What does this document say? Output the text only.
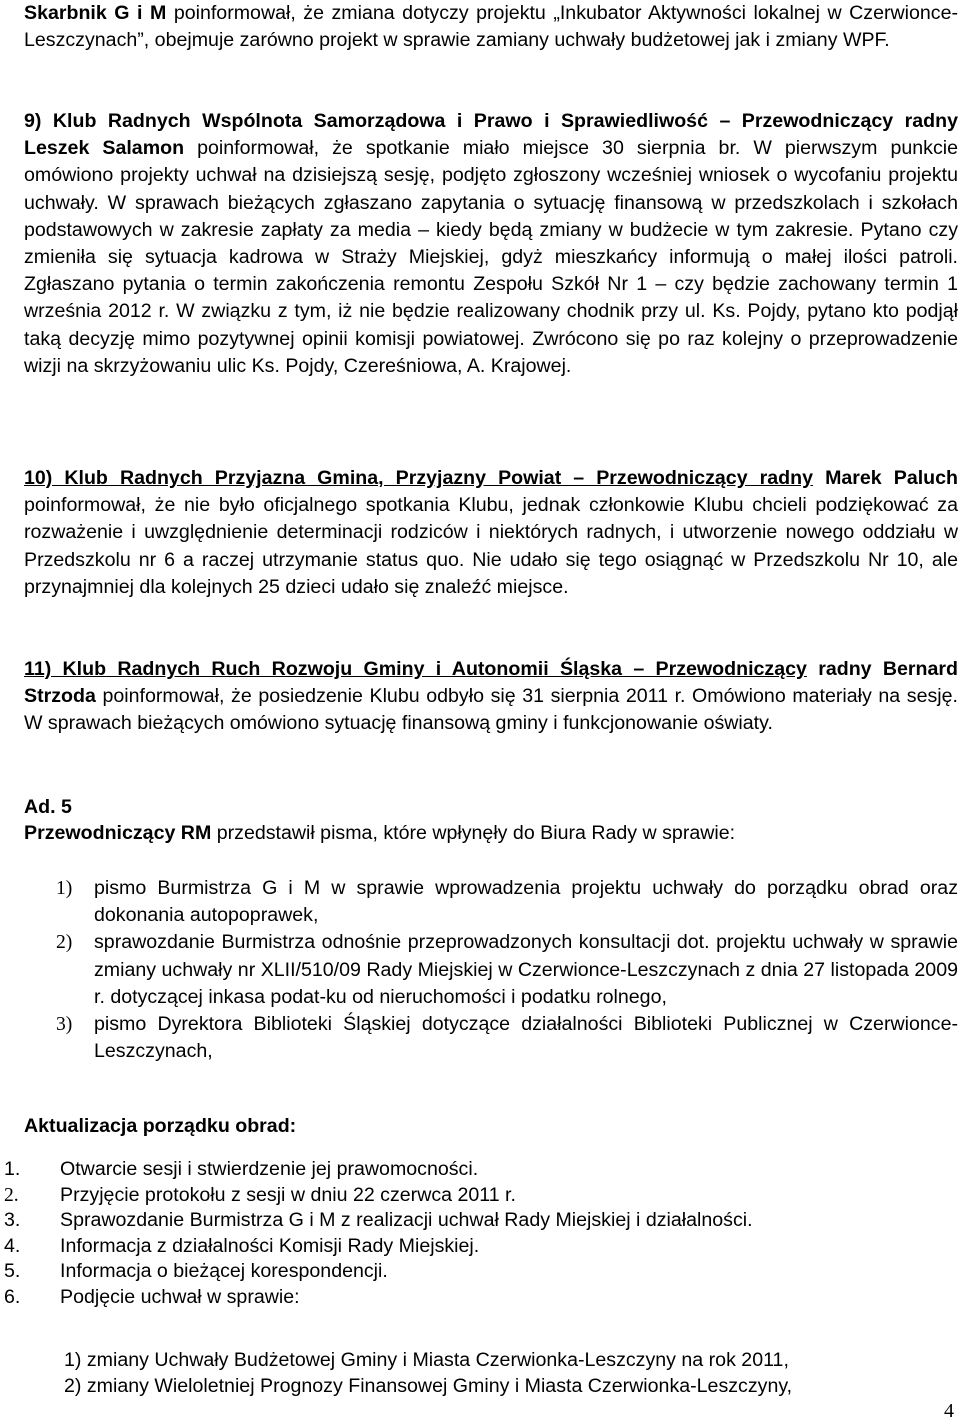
Skarbnik G i M poinformował, że zmiana dotyczy projektu „Inkubator Aktywności lokalnej w Czerwionce-Leszczynach”, obejmuje zarówno projekt w sprawie zamiany uchwały budżetowej jak i zmiany WPF.

9) Klub Radnych Wspólnota Samorządowa i Prawo i Sprawiedliwość – Przewodniczący radny Leszek Salamon poinformował, że spotkanie miało miejsce 30 sierpnia br. W pierwszym punkcie omówiono projekty uchwał na dzisiejszą sesję, podjęto zgłoszony wcześniej wniosek o wycofaniu projektu uchwały. W sprawach bieżących zgłaszano zapytania o sytuację finansową w przedszkolach i szkołach podstawowych w zakresie zapłaty za media – kiedy będą zmiany w budżecie w tym zakresie. Pytano czy zmieniła się sytuacja kadrowa w Straży Miejskiej, gdyż mieszkańcy informują o małej ilości patroli. Zgłaszano pytania o termin zakończenia remontu Zespołu Szkół Nr 1 – czy będzie zachowany termin 1 września 2012 r. W związku z tym, iż nie będzie realizowany chodnik przy ul. Ks. Pojdy, pytano kto podjął taką decyzję mimo pozytywnej opinii komisji powiatowej. Zwrócono się po raz kolejny o przeprowadzenie wizji na skrzyżowaniu ulic Ks. Pojdy, Czereśniowa, A. Krajowej.

10) Klub Radnych Przyjazna Gmina, Przyjazny Powiat – Przewodniczący radny Marek Paluch poinformował, że nie było oficjalnego spotkania Klubu, jednak członkowie Klubu chcieli podziękować za rozważenie i uwzględnienie determinacji rodziców i niektórych radnych, i utworzenie nowego oddziału w Przedszkolu nr 6 a raczej utrzymanie status quo. Nie udało się tego osiągnąć w Przedszkolu Nr 10, ale przynajmniej dla kolejnych 25 dzieci udało się znaleźć miejsce.

11) Klub Radnych Ruch Rozwoju Gminy i Autonomii Śląska – Przewodniczący radny Bernard Strzoda poinformował, że posiedzenie Klubu odbyło się 31 sierpnia 2011 r. Omówiono materiały na sesję. W sprawach bieżących omówiono sytuację finansową gminy i funkcjonowanie oświaty.

Ad. 5

Przewodniczący RM przedstawił pisma, które wpłynęły do Biura Rady w sprawie:

1) pismo Burmistrza G i M w sprawie wprowadzenia projektu uchwały do porządku obrad oraz dokonania autopoprawek,
2) sprawozdanie Burmistrza odnośnie przeprowadzonych konsultacji dot. projektu uchwały w sprawie zmiany uchwały nr XLII/510/09 Rady Miejskiej w Czerwionce-Leszczynach z dnia 27 listopada 2009 r. dotyczącej inkasa podat-ku od nieruchomości i podatku rolnego,
3) pismo Dyrektora Biblioteki Śląskiej dotyczące działalności Biblioteki Publicznej w Czerwionce-Leszczynach,

Aktualizacja porządku obrad:

1. Otwarcie sesji i stwierdzenie jej prawomocności.
2. Przyjęcie protokołu z sesji w dniu 22 czerwca 2011 r.
3. Sprawozdanie Burmistrza G i M z realizacji uchwał Rady Miejskiej i działalności.
4. Informacja z działalności Komisji Rady Miejskiej.
5. Informacja o bieżącej korespondencji.
6. Podjęcie uchwał w sprawie:
1) zmiany Uchwały Budżetowej Gminy i Miasta Czerwionka-Leszczyny na rok 2011,
2) zmiany Wieloletniej Prognozy Finansowej Gminy i Miasta Czerwionka-Leszczyny,
4
